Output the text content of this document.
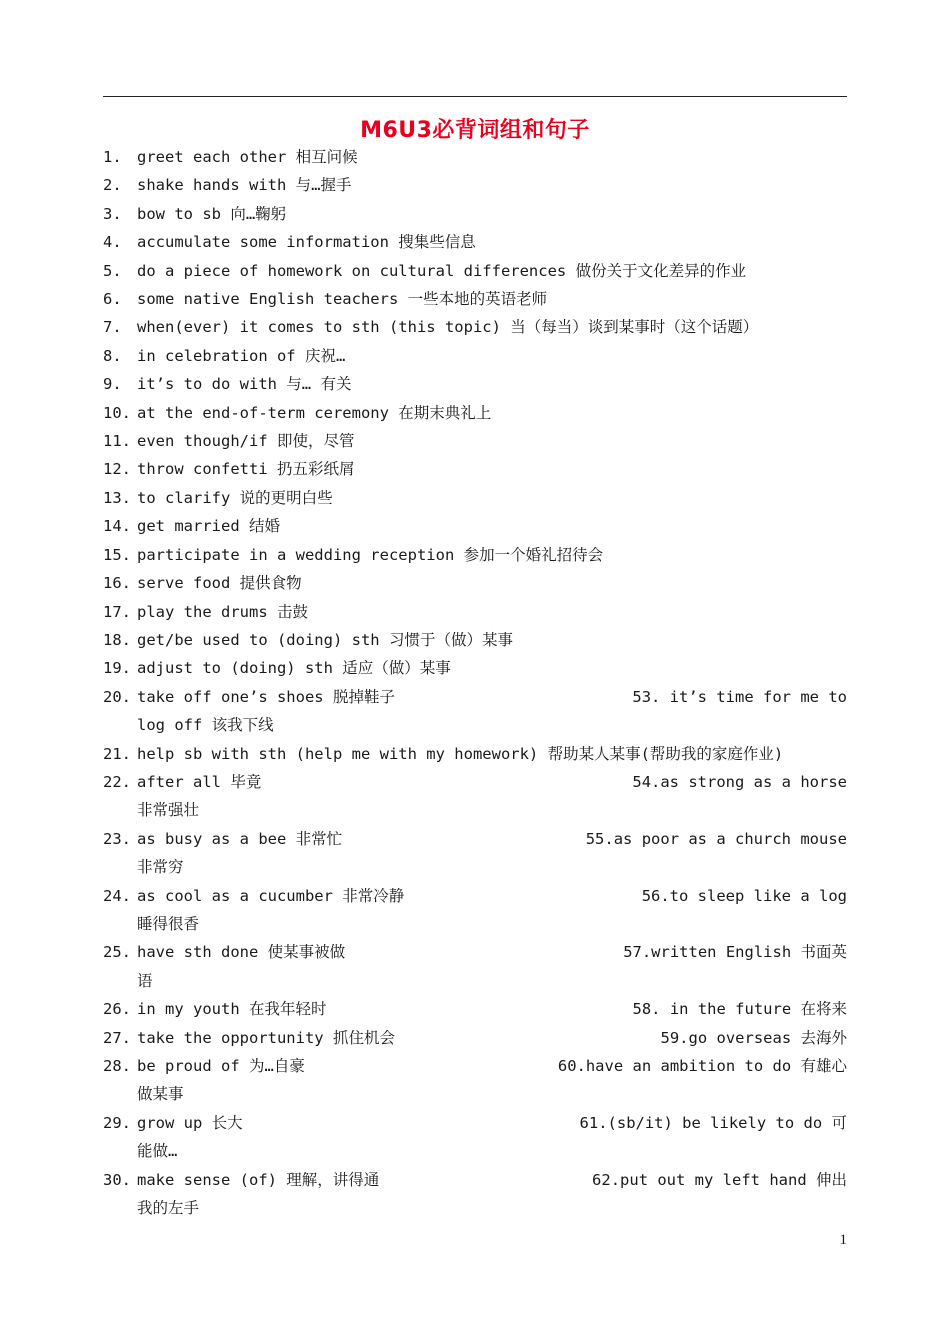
M6U3必背词组和句子
1. greet each other 相互问候
2. shake hands with 与…握手
3. bow to sb 向…鞠躬
4. accumulate some information 搜集些信息
5. do a piece of homework on cultural differences 做份关于文化差异的作业
6. some native English teachers 一些本地的英语老师
7. when(ever) it comes to sth (this topic) 当（每当）谈到某事时（这个话题）
8. in celebration of 庆祝…
9. it’s to do with 与… 有关
10. at the end-of-term ceremony 在期末典礼上
11. even though/if 即使，尽管
12. throw confetti 扔五彩纸屑
13. to clarify 说的更明白些
14. get married 结婚
15. participate in a wedding reception 参加一个婚礼招待会
16. serve food 提供食物
17. play the drums 击鼓
18. get/be used to (doing) sth 习惯于（做）某事
19. adjust to (doing) sth 适应（做）某事
20. take off one’s shoes 脱掉鞋子	53. it’s time for me to
log off 该我下线
21. help sb with sth (help me with my homework) 帮助某人某事(帮助我的家庭作业)
22. after all 毕竟	54.as strong as a horse
非常强壮
23. as busy as a bee 非常忙	55.as poor as a church mouse
非常穷
24. as cool as a cucumber 非常冷静	56.to sleep like a log
睡得很香
25. have sth done 使某事被做	57.written English 书面英
语
26. in my youth 在我年轻时	58. in the future 在将来
27. take the opportunity 抓住机会	59.go overseas 去海外
28. be proud of 为…自豪	60.have an ambition to do 有雄心
做某事
29. grow up 长大	61.(sb/it) be likely to do 可
能做…
30. make sense (of) 理解，讲得通	62.put out my left hand 伸出
我的左手
1
